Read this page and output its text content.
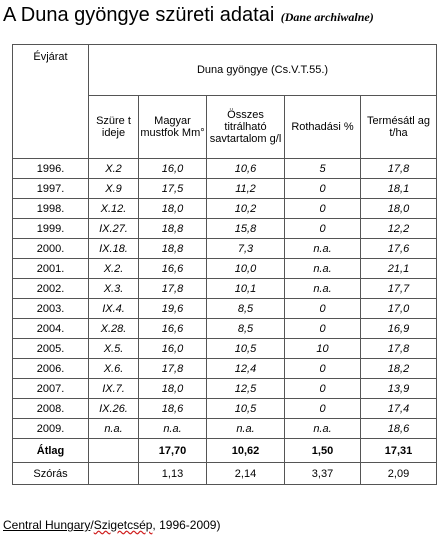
A Duna gyöngye szüreti adatai (Dane archiwalne)
Évjárat	Duna gyöngye (Cs.V.T.55.)				
	Szüre t ideje	Magyar mustfok Mm°	Összes titrálható savtartalom g/l	Rothadási %	Termésátl ag t/ha
1996.	X.2	16,0	10,6	5	17,8
1997.	X.9	17,5	11,2	0	18,1
1998.	X.12.	18,0	10,2	0	18,0
1999.	IX.27.	18,8	15,8	0	12,2
2000.	IX.18.	18,8	7,3	n.a.	17,6
2001.	X.2.	16,6	10,0	n.a.	21,1
2002.	X.3.	17,8	10,1	n.a.	17,7
2003.	IX.4.	19,6	8,5	0	17,0
2004.	X.28.	16,6	8,5	0	16,9
2005.	X.5.	16,0	10,5	10	17,8
2006.	X.6.	17,8	12,4	0	18,2
2007.	IX.7.	18,0	12,5	0	13,9
2008.	IX.26.	18,6	10,5	0	17,4
2009.	n.a.	n.a.	n.a.	n.a.	18,6
Átlag		17,70	10,62	1,50	17,31
Szórás		1,13	2,14	3,37	2,09
Central Hungary/Szigetcsép, 1996-2009)
